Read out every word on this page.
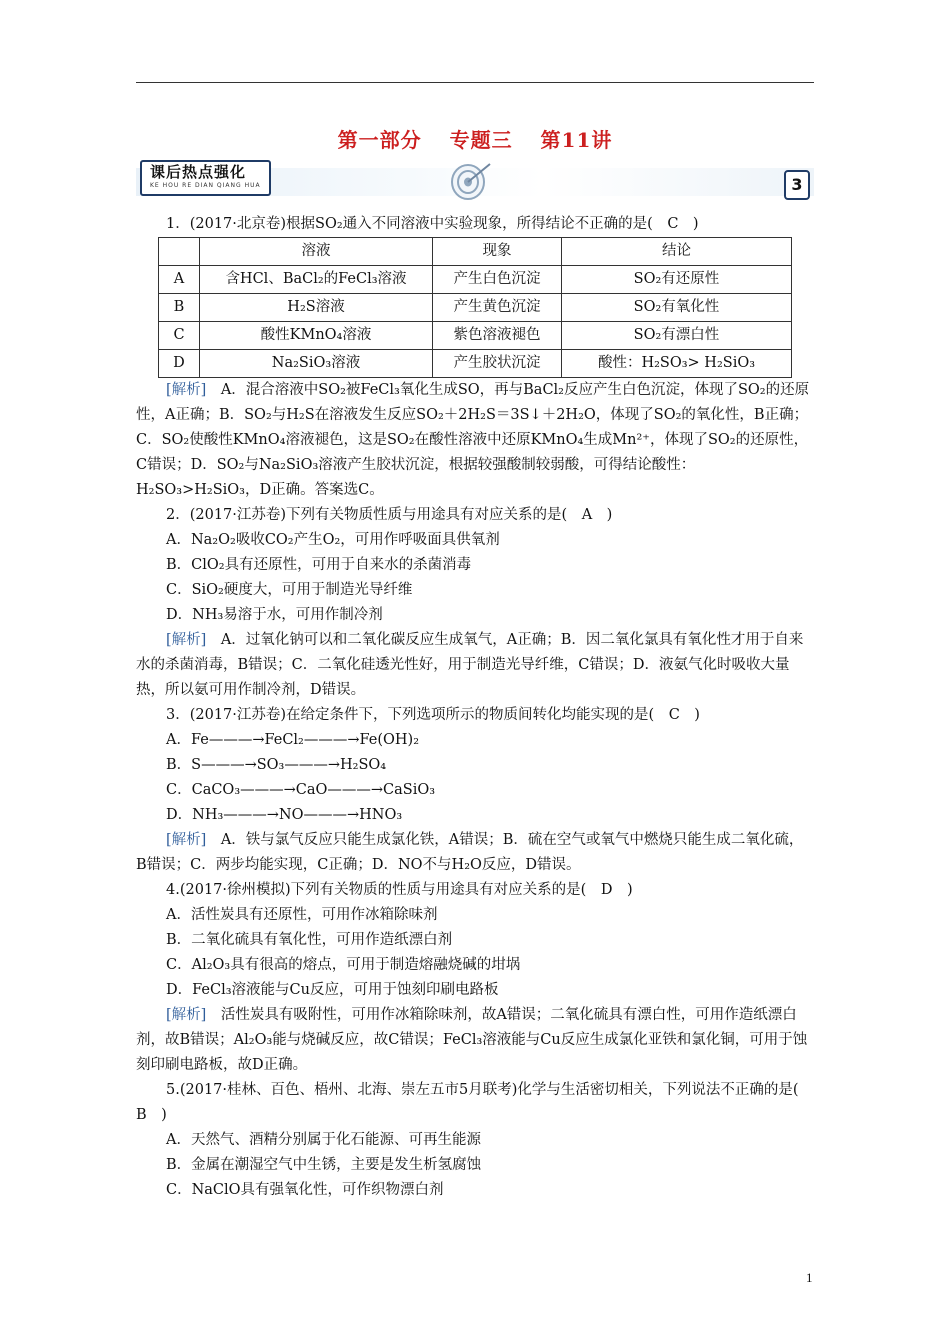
第一部分 专题三 第11讲
课后热点强化
KE HOU RE DIAN QIANG HUA	3

1．(2017·北京卷)根据SO₂通入不同溶液中实验现象，所得结论不正确的是(　C　)

	溶液	现象	结论
A	含HCl、BaCl₂的FeCl₃溶液	产生白色沉淀	SO₂有还原性
B	H₂S溶液	产生黄色沉淀	SO₂有氧化性
C	酸性KMnO₄溶液	紫色溶液褪色	SO₂有漂白性
D	Na₂SiO₃溶液	产生胶状沉淀	酸性：H₂SO₃> H₂SiO₃

[解析]　A．混合溶液中SO₂被FeCl₃氧化生成SO，再与BaCl₂反应产生白色沉淀，体现了SO₂的还原性，A正确；B．SO₂与H₂S在溶液发生反应SO₂＋2H₂S＝3S↓＋2H₂O，体现了SO₂的氧化性，B正确；C．SO₂使酸性KMnO₄溶液褪色，这是SO₂在酸性溶液中还原KMnO₄生成Mn²⁺，体现了SO₂的还原性，C错误；D．SO₂与Na₂SiO₃溶液产生胶状沉淀，根据较强酸制较弱酸，可得结论酸性：H₂SO₃>H₂SiO₃，D正确。答案选C。

2．(2017·江苏卷)下列有关物质性质与用途具有对应关系的是(　A　)

A．Na₂O₂吸收CO₂产生O₂，可用作呼吸面具供氧剂

B．ClO₂具有还原性，可用于自来水的杀菌消毒

C．SiO₂硬度大，可用于制造光导纤维

D．NH₃易溶于水，可用作制冷剂

[解析]　A．过氧化钠可以和二氧化碳反应生成氧气，A正确；B．因二氧化氯具有氧化性才用于自来水的杀菌消毒，B错误；C．二氧化硅透光性好，用于制造光导纤维，C错误；D．液氨气化时吸收大量热，所以氨可用作制冷剂，D错误。

3．(2017·江苏卷)在给定条件下，下列选项所示的物质间转化均能实现的是(　C　)

A．Fe———→FeCl₂———→Fe(OH)₂

B．S———→SO₃———→H₂SO₄

C．CaCO₃———→CaO———→CaSiO₃

D．NH₃———→NO———→HNO₃

[解析]　A．铁与氯气反应只能生成氯化铁，A错误；B．硫在空气或氧气中燃烧只能生成二氧化硫，B错误；C．两步均能实现，C正确；D．NO不与H₂O反应，D错误。

4.(2017·徐州模拟)下列有关物质的性质与用途具有对应关系的是(　D　)

A．活性炭具有还原性，可用作冰箱除味剂

B．二氧化硫具有氧化性，可用作造纸漂白剂

C．Al₂O₃具有很高的熔点，可用于制造熔融烧碱的坩埚

D．FeCl₃溶液能与Cu反应，可用于蚀刻印刷电路板

[解析]　活性炭具有吸附性，可用作冰箱除味剂，故A错误；二氧化硫具有漂白性，可用作造纸漂白剂，故B错误；Al₂O₃能与烧碱反应，故C错误；FeCl₃溶液能与Cu反应生成氯化亚铁和氯化铜，可用于蚀刻印刷电路板，故D正确。

5.(2017·桂林、百色、梧州、北海、崇左五市5月联考)化学与生活密切相关，下列说法不正确的是(　B　)

A．天然气、酒精分别属于化石能源、可再生能源

B．金属在潮湿空气中生锈，主要是发生析氢腐蚀

C．NaClO具有强氧化性，可作织物漂白剂

1
